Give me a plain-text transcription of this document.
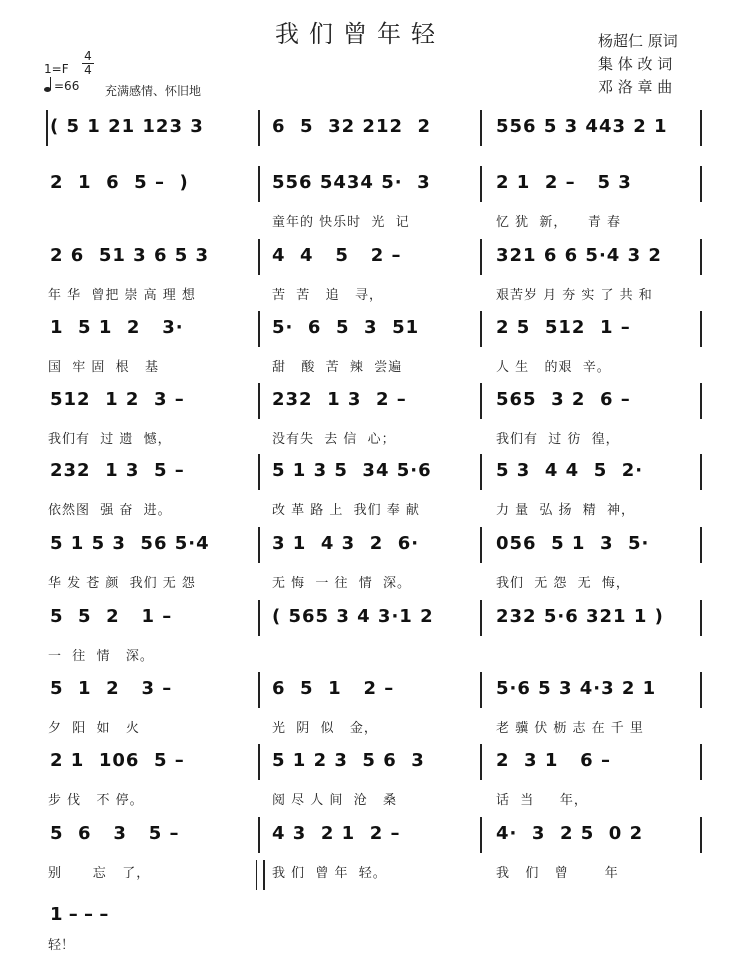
我们曾年轻	杨超仁 原词
集 体 改 词
邓 洛 章 曲
1=F
4
4
=66 充满感情、怀旧地
( 5 1 21 123 3	6  5  32 212  2	556 5 3 443 2 1
2  1  6  5 –  )	556 5434 5·  3	2 1  2 –   5 3
童年的 快乐时  光  记	忆 犹  新，    青 春
2 6  51 3 6 5 3	4  4   5   2 –	321 6 6 5·4 3 2
年 华  曾把 崇 高 理 想	苦  苦   追   寻，	艰苦岁 月 夯 实 了 共 和
1  5 1  2   3·	5·  6  5  3  51	2 5  512  1 –
国  牢 固  根   基	甜   酸  苦  辣  尝遍	人 生   的艰  辛。
512  1 2  3 –	232  1 3  2 –	565  3 2  6 –
我们有  过 遗  憾，	没有失  去 信  心；	我们有  过 彷  徨，
232  1 3  5 –	5 1 3 5  34 5·6	5 3  4 4  5  2·
依然图  强 奋  进。	改 革 路 上  我们 奉 献	力 量  弘 扬  精  神，
5 1 5 3  56 5·4	3 1  4 3  2  6·	056  5 1  3  5·
华 发 苍 颜  我们 无 怨	无 悔  一 往  情  深。	我们  无 怨  无  悔，
5  5  2   1 –	( 565 3 4 3·1 2	232 5·6 321 1 )
一  往  情   深。
5  1  2   3 –	6  5  1   2 –	5·6 5 3 4·3 2 1
夕  阳  如   火	光  阴  似   金，	老 骥 伏 枥 志 在 千 里
2 1  106  5 –	5 1 2 3  5 6  3	2  3 1   6 –
步 伐   不 停。	阅 尽 人 间  沧   桑	话  当     年，
5  6   3   5 –	4 3  2 1  2 –	4·  3  2 5  0 2
别      忘   了，	我 们  曾 年  轻。	我   们   曾       年
1 – – –
轻！
